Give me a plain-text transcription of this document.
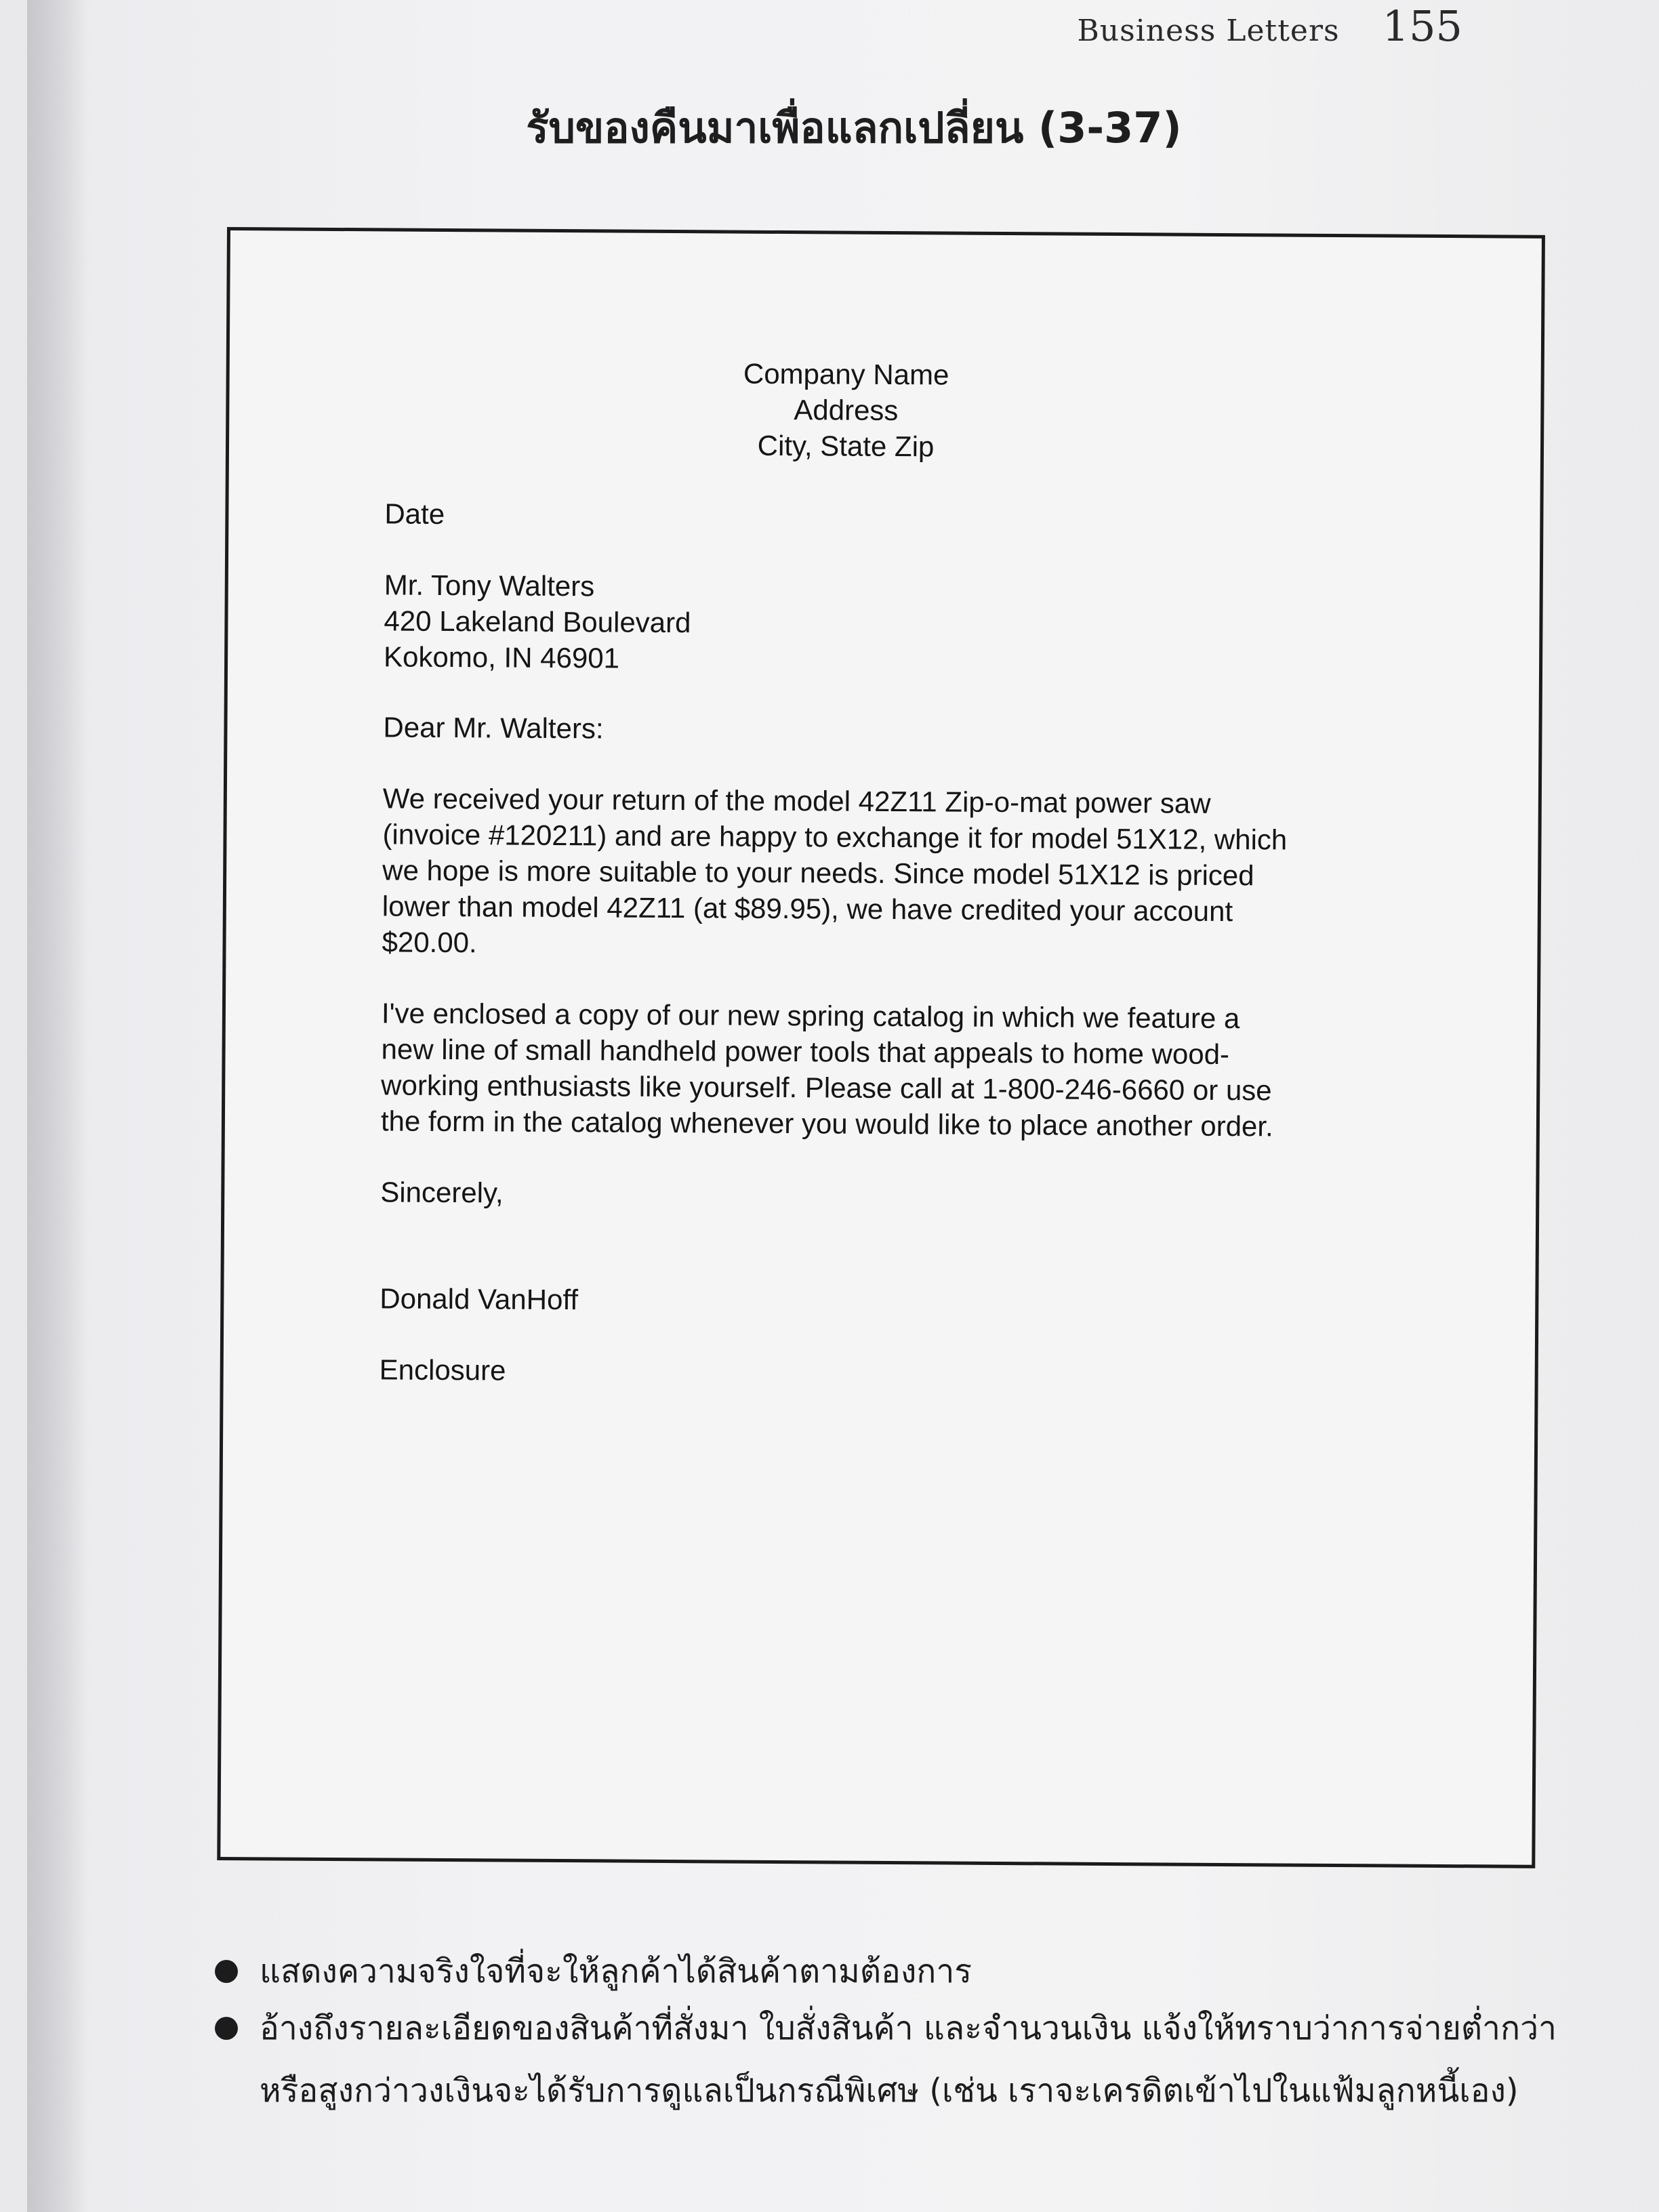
Business Letters 155
รับของคืนมาเพื่อแลกเปลี่ยน (3-37)
Company Name
Address
City, State Zip
Date
Mr. Tony Walters
420 Lakeland Boulevard
Kokomo, IN 46901
Dear Mr. Walters:
We received your return of the model 42Z11 Zip-o-mat power saw
(invoice #120211) and are happy to exchange it for model 51X12, which
we hope is more suitable to your needs. Since model 51X12 is priced
lower than model 42Z11 (at $89.95), we have credited your account
$20.00.
I've enclosed a copy of our new spring catalog in which we feature a
new line of small handheld power tools that appeals to home wood-
working enthusiasts like yourself. Please call at 1-800-246-6660 or use
the form in the catalog whenever you would like to place another order.
Sincerely,
Donald VanHoff
Enclosure
แสดงความจริงใจที่จะให้ลูกค้าได้สินค้าตามต้องการ
อ้างถึงรายละเอียดของสินค้าที่สั่งมา ใบสั่งสินค้า และจำนวนเงิน แจ้งให้ทราบว่าการจ่ายต่ำกว่า
หรือสูงกว่าวงเงินจะได้รับการดูแลเป็นกรณีพิเศษ (เช่น เราจะเครดิตเข้าไปในแฟ้มลูกหนี้เอง)
